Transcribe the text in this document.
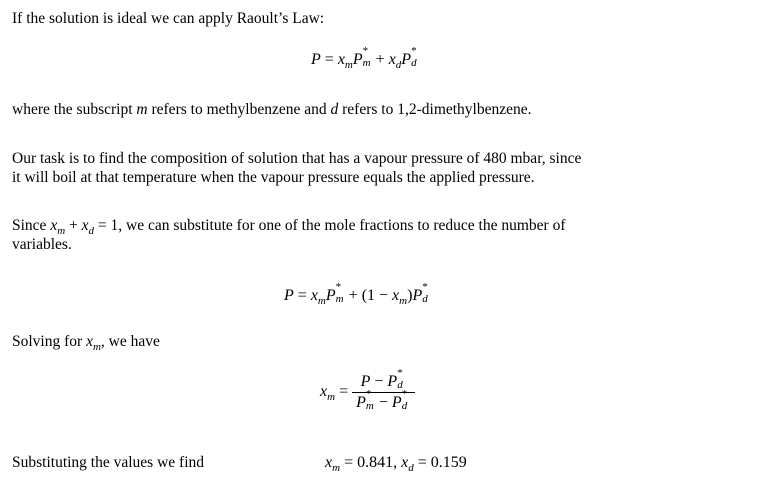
If the solution is ideal we can apply Raoult’s Law:
$P = x_mP$ *
$m + x_dP$ *
d
where the subscript m refers to methylbenzene and d refers to 1,2-dimethylbenzene.
Our task is to find the composition of solution that has a vapour pressure of 480 mbar, since
it will boil at that temperature when the vapour pressure equals the applied pressure.
Since $x_m + x_d = 1$, we can substitute for one of the mole fractions to reduce the number of
variables.
$P = x_mP$ *
$m + (1 - x_m)P$ *
d
Solving for $x_m$, we have
$x_m = P - P$ *
d
P *
m − P *
d
Substituting the values we find	$x_m = 0.841$, $x_d = 0.159$
